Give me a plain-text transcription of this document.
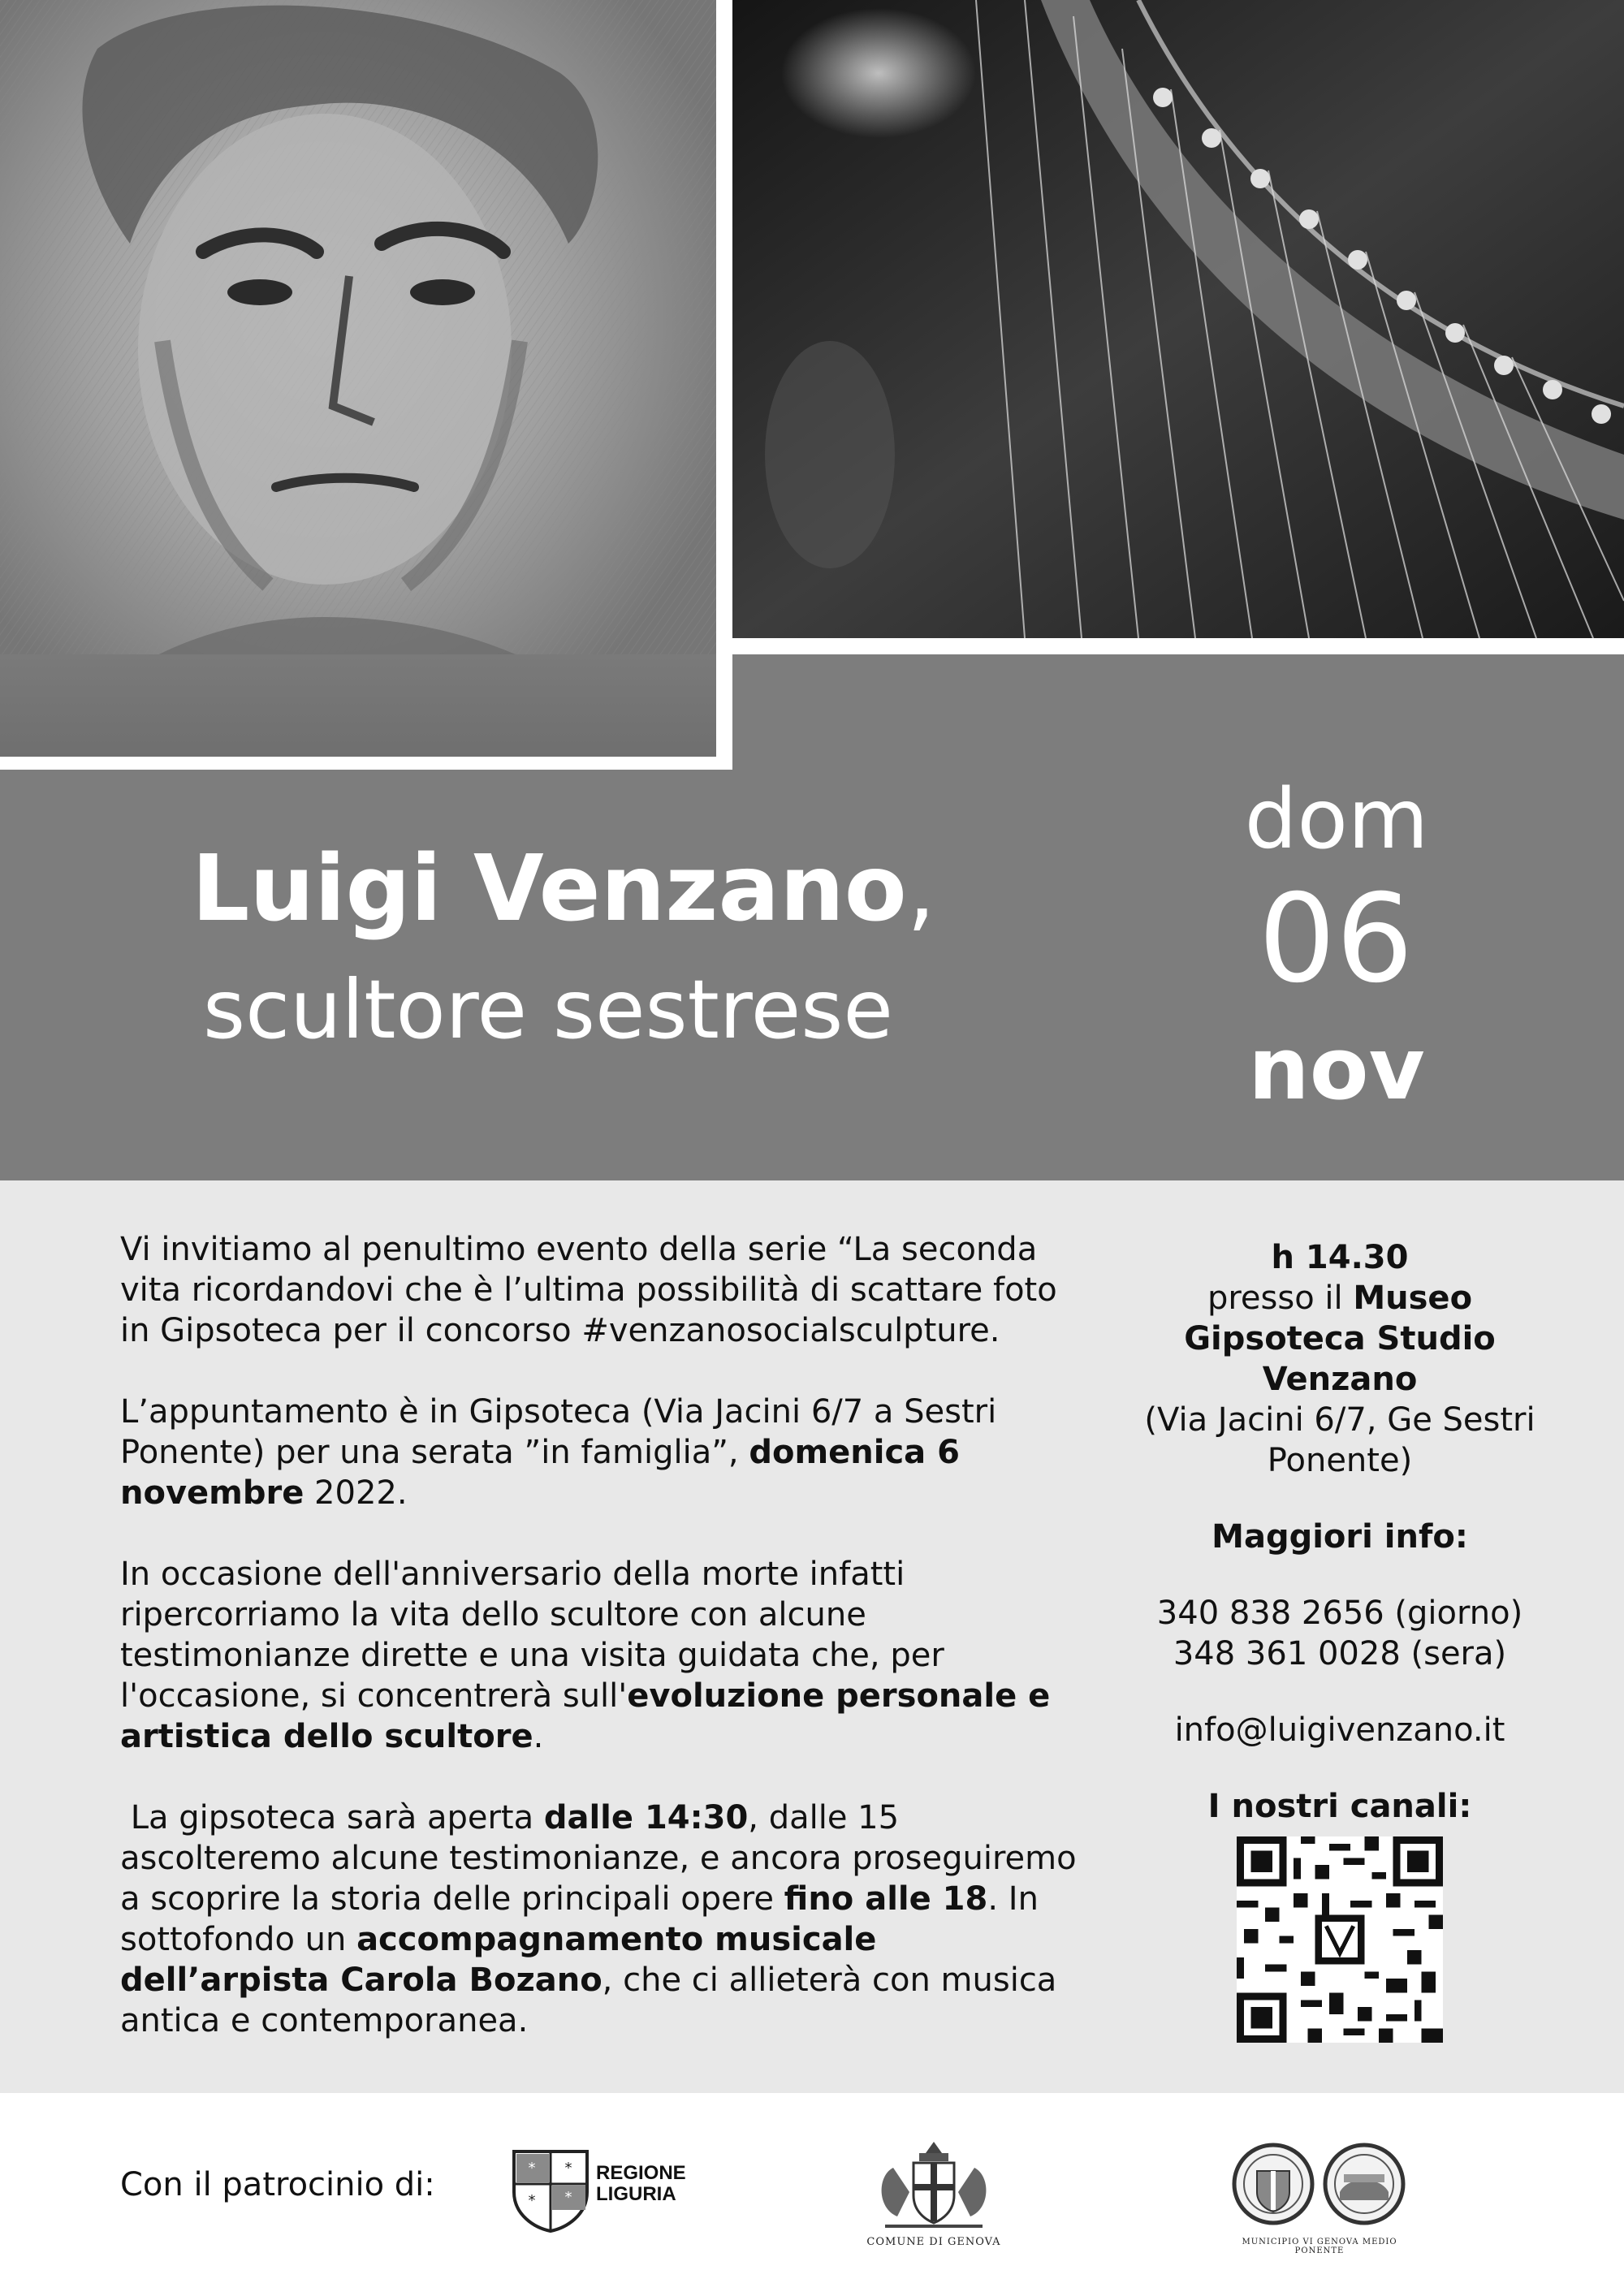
Luigi Venzano,
scultore sestrese
dom
06
nov

Vi invitiamo al penultimo evento della serie “La seconda vita ricordandovi che è l’ultima possibilità di scattare foto in Gipsoteca per il concorso #venzanosocialsculpture.

L’appuntamento è in Gipsoteca (Via Jacini 6/7 a Sestri Ponente) per una serata ”in famiglia”, domenica 6 novembre 2022.

In occasione dell'anniversario della morte infatti ripercorriamo la vita dello scultore con alcune testimonianze dirette e una visita guidata che, per l'occasione, si concentrerà sull'evoluzione personale e artistica dello scultore.

La gipsoteca sarà aperta dalle 14:30, dalle 15 ascolteremo alcune testimonianze, e ancora proseguiremo a scoprire la storia delle principali opere fino alle 18. In sottofondo un accompagnamento musicale dell’arpista Carola Bozano, che ci allieterà con musica antica e contemporanea.

h 14.30
presso il Museo Gipsoteca Studio Venzano
(Via Jacini 6/7, Ge Sestri Ponente)

Maggiori info:

340 838 2656 (giorno)
348 361 0028 (sera)

info@luigivenzano.it

I nostri canali:

Con il patrocinio di:	* *
* *
REGIONE
LIGURIA
COMUNE DI GENOVA	MUNICIPIO VI GENOVA MEDIO PONENTE
